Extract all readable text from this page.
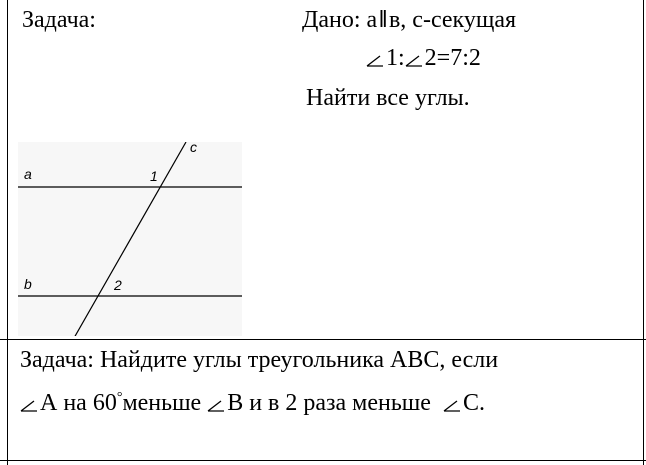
Задача:	Дано: а‖в, с-секущая
1: 2=7:2
Найти все углы.
a
b
c
1
2
Задача: Найдите углы треугольника АВС, если
А на 60°меньше В и в 2 раза меньше С.
